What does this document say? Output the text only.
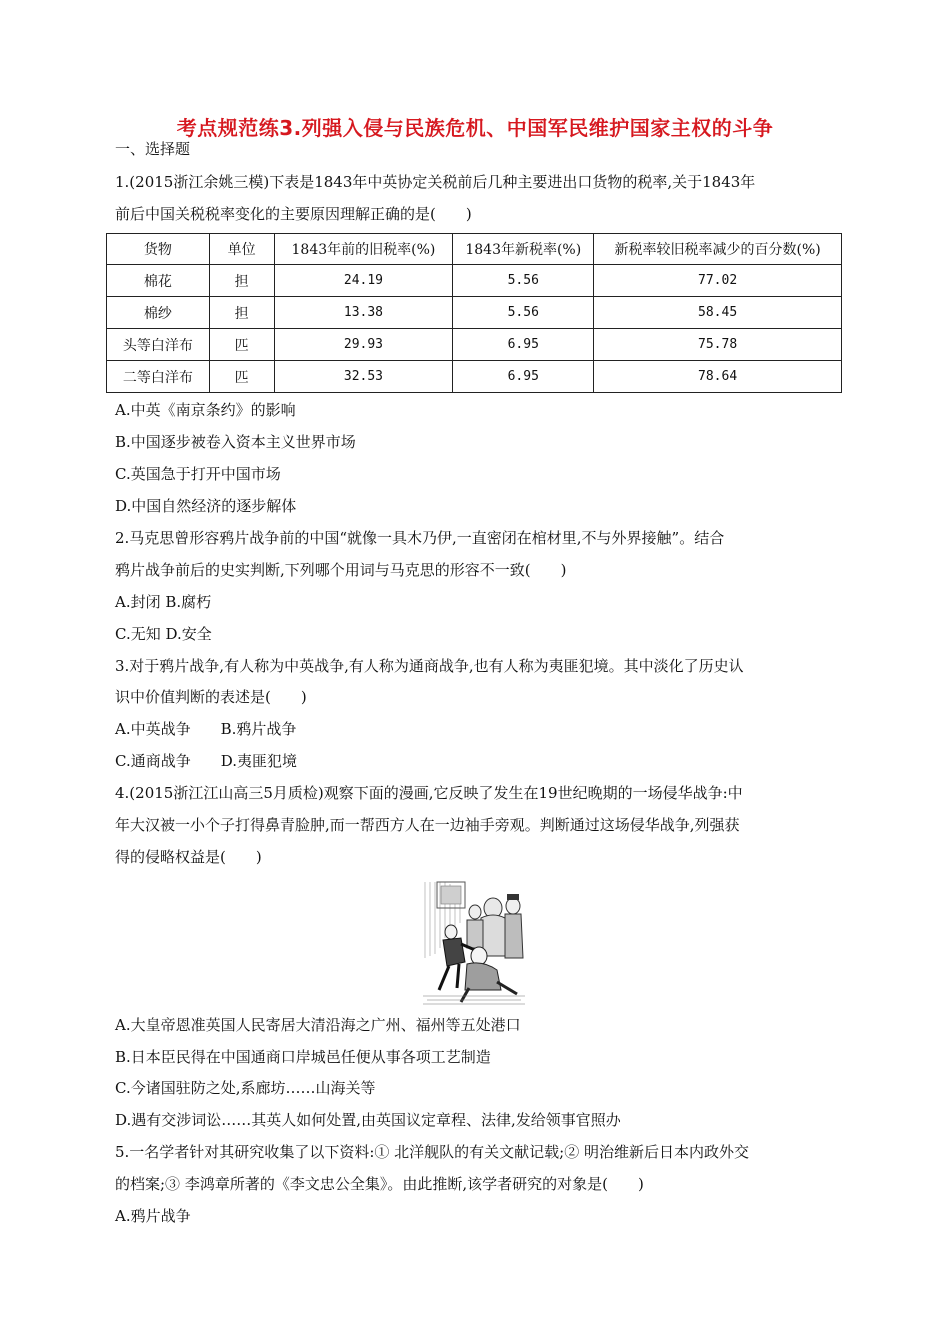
考点规范练3.列强入侵与民族危机、中国军民维护国家主权的斗争
一、选择题
1.(2015浙江余姚三模)下表是1843年中英协定关税前后几种主要进出口货物的税率,关于1843年
前后中国关税税率变化的主要原因理解正确的是(　　)
货物	单位	1843年前的旧税率(%)	1843年新税率(%)	新税率较旧税率减少的百分数(%)
棉花	担	24.19	5.56	77.02
棉纱	担	13.38	5.56	58.45
头等白洋布	匹	29.93	6.95	75.78
二等白洋布	匹	32.53	6.95	78.64
A.中英《南京条约》的影响
B.中国逐步被卷入资本主义世界市场
C.英国急于打开中国市场
D.中国自然经济的逐步解体
2.马克思曾形容鸦片战争前的中国“就像一具木乃伊,一直密闭在棺材里,不与外界接触”。结合
鸦片战争前后的史实判断,下列哪个用词与马克思的形容不一致(　　)
A.封闭 B.腐朽
C.无知 D.安全
3.对于鸦片战争,有人称为中英战争,有人称为通商战争,也有人称为夷匪犯境。其中淡化了历史认
识中价值判断的表述是(　　)
A.中英战争　　B.鸦片战争
C.通商战争　　D.夷匪犯境
4.(2015浙江江山高三5月质检)观察下面的漫画,它反映了发生在19世纪晚期的一场侵华战争:中
年大汉被一小个子打得鼻青脸肿,而一帮西方人在一边袖手旁观。判断通过这场侵华战争,列强获
得的侵略权益是(　　)
A.大皇帝恩准英国人民寄居大清沿海之广州、福州等五处港口
B.日本臣民得在中国通商口岸城邑任便从事各项工艺制造
C.今诸国驻防之处,系廊坊……山海关等
D.遇有交涉词讼……其英人如何处置,由英国议定章程、法律,发给领事官照办
5.一名学者针对其研究收集了以下资料:① 北洋舰队的有关文献记载;② 明治维新后日本内政外交
的档案;③ 李鸿章所著的《李文忠公全集》。由此推断,该学者研究的对象是(　　)
A.鸦片战争
